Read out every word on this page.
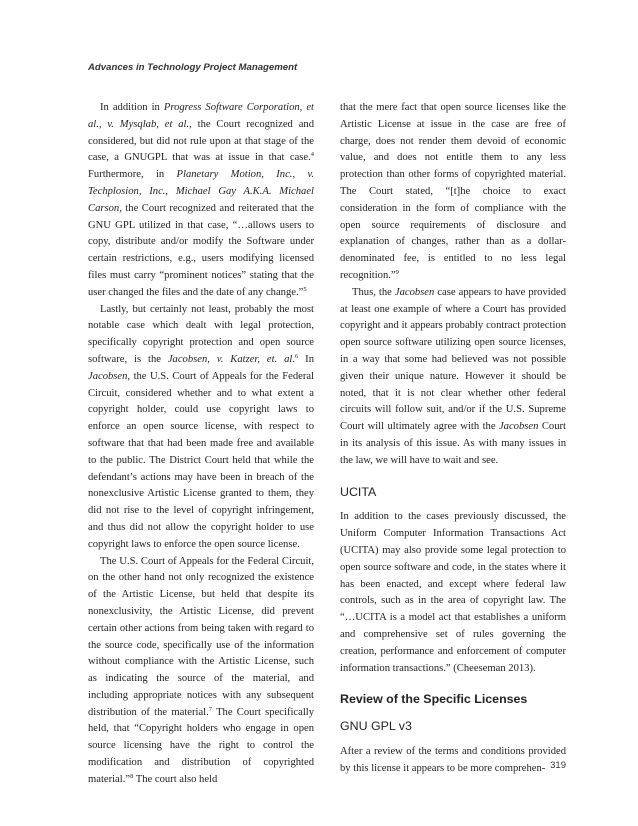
Advances in Technology Project Management

In addition in Progress Software Corporation, et al., v. Mysqlab, et al., the Court recognized and considered, but did not rule upon at that stage of the case, a GNUGPL that was at issue in that case.$^4$ Furthermore, in Planetary Motion, Inc., v. Techplosion, Inc., Michael Gay A.K.A. Michael Carson, the Court recognized and reiterated that the GNU GPL utilized in that case, “…allows users to copy, distribute and/or modify the Software under certain restrictions, e.g., users modifying licensed files must carry “prominent notices” stating that the user changed the files and the date of any change.”$^5$

Lastly, but certainly not least, probably the most notable case which dealt with legal protection, specifically copyright protection and open source software, is the Jacobsen, v. Katzer, et. al.$^6$ In Jacobsen, the U.S. Court of Appeals for the Federal Circuit, considered whether and to what extent a copyright holder, could use copyright laws to enforce an open source license, with respect to software that that had been made free and available to the public. The District Court held that while the defendant’s actions may have been in breach of the nonexclusive Artistic License granted to them, they did not rise to the level of copyright infringement, and thus did not allow the copyright holder to use copyright laws to enforce the open source license.

The U.S. Court of Appeals for the Federal Circuit, on the other hand not only recognized the existence of the Artistic License, but held that despite its nonexclusivity, the Artistic License, did prevent certain other actions from being taken with regard to the source code, specifically use of the information without compliance with the Artistic License, such as indicating the source of the material, and including appropriate notices with any subsequent distribution of the material.$^7$ The Court specifically held, that “Copyright holders who engage in open source licensing have the right to control the modification and distribution of copyrighted material.”$^8$ The court also held

that the mere fact that open source licenses like the Artistic License at issue in the case are free of charge, does not render them devoid of economic value, and does not entitle them to any less protection than other forms of copyrighted material. The Court stated, “[t]he choice to exact consideration in the form of compliance with the open source requirements of disclosure and explanation of changes, rather than as a dollar-denominated fee, is entitled to no less legal recognition.”$^9$

Thus, the Jacobsen case appears to have provided at least one example of where a Court has provided copyright and it appears probably contract protection open source software utilizing open source licenses, in a way that some had believed was not possible given their unique nature. However it should be noted, that it is not clear whether other federal circuits will follow suit, and/or if the U.S. Supreme Court will ultimately agree with the Jacobsen Court in its analysis of this issue. As with many issues in the law, we will have to wait and see.

UCITA

In addition to the cases previously discussed, the Uniform Computer Information Transactions Act (UCITA) may also provide some legal protection to open source software and code, in the states where it has been enacted, and except where federal law controls, such as in the area of copyright law. The “…UCITA is a model act that establishes a uniform and comprehensive set of rules governing the creation, performance and enforcement of computer information transactions.” (Cheeseman 2013).

Review of the Specific Licenses
GNU GPL v3

After a review of the terms and conditions provided by this license it appears to be more comprehen- 319
